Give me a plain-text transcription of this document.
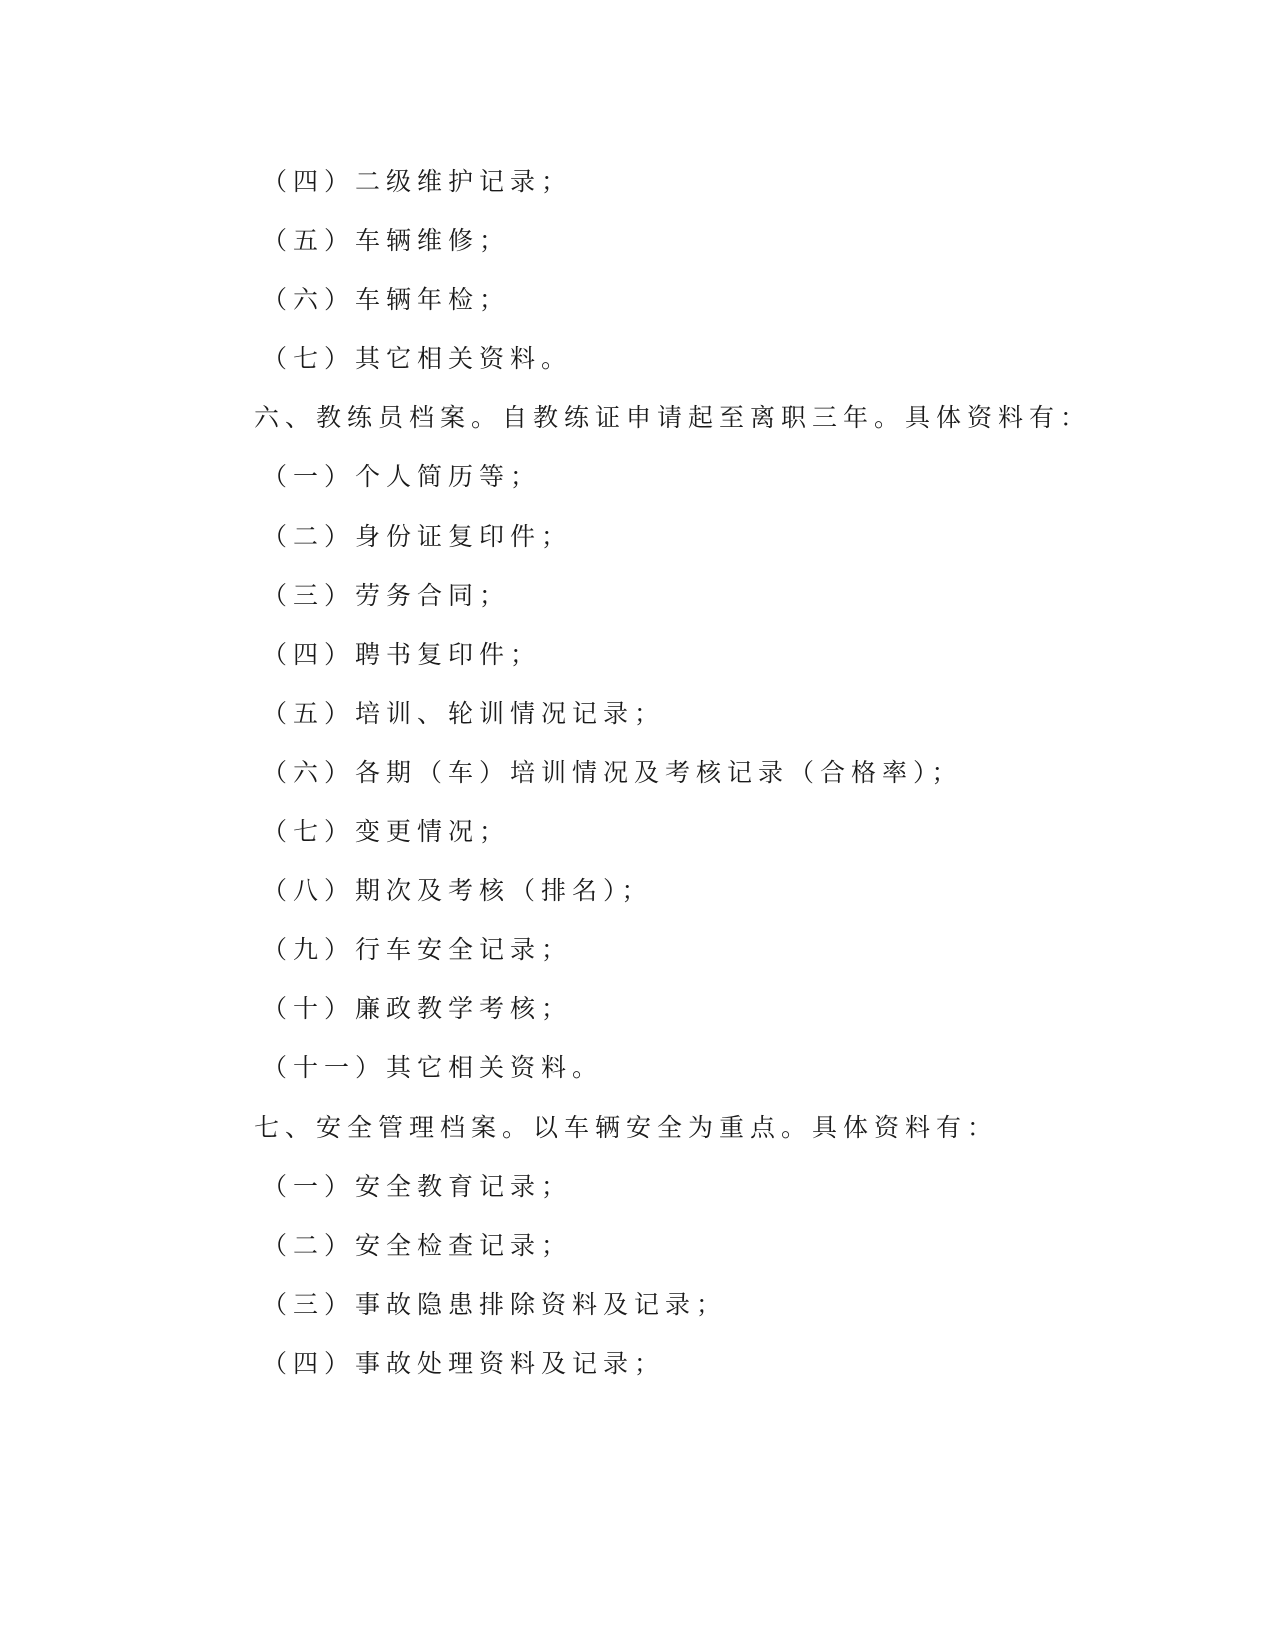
（四）二级维护记录；
（五）车辆维修；
（六）车辆年检；
（七）其它相关资料。
六、教练员档案。自教练证申请起至离职三年。具体资料有：
（一）个人简历等；
（二）身份证复印件；
（三）劳务合同；
（四）聘书复印件；
（五）培训、轮训情况记录；
（六）各期（车）培训情况及考核记录（合格率）；
（七）变更情况；
（八）期次及考核（排名）；
（九）行车安全记录；
（十）廉政教学考核；
（十一）其它相关资料。
七、安全管理档案。以车辆安全为重点。具体资料有：
（一）安全教育记录；
（二）安全检查记录；
（三）事故隐患排除资料及记录；
（四）事故处理资料及记录；
